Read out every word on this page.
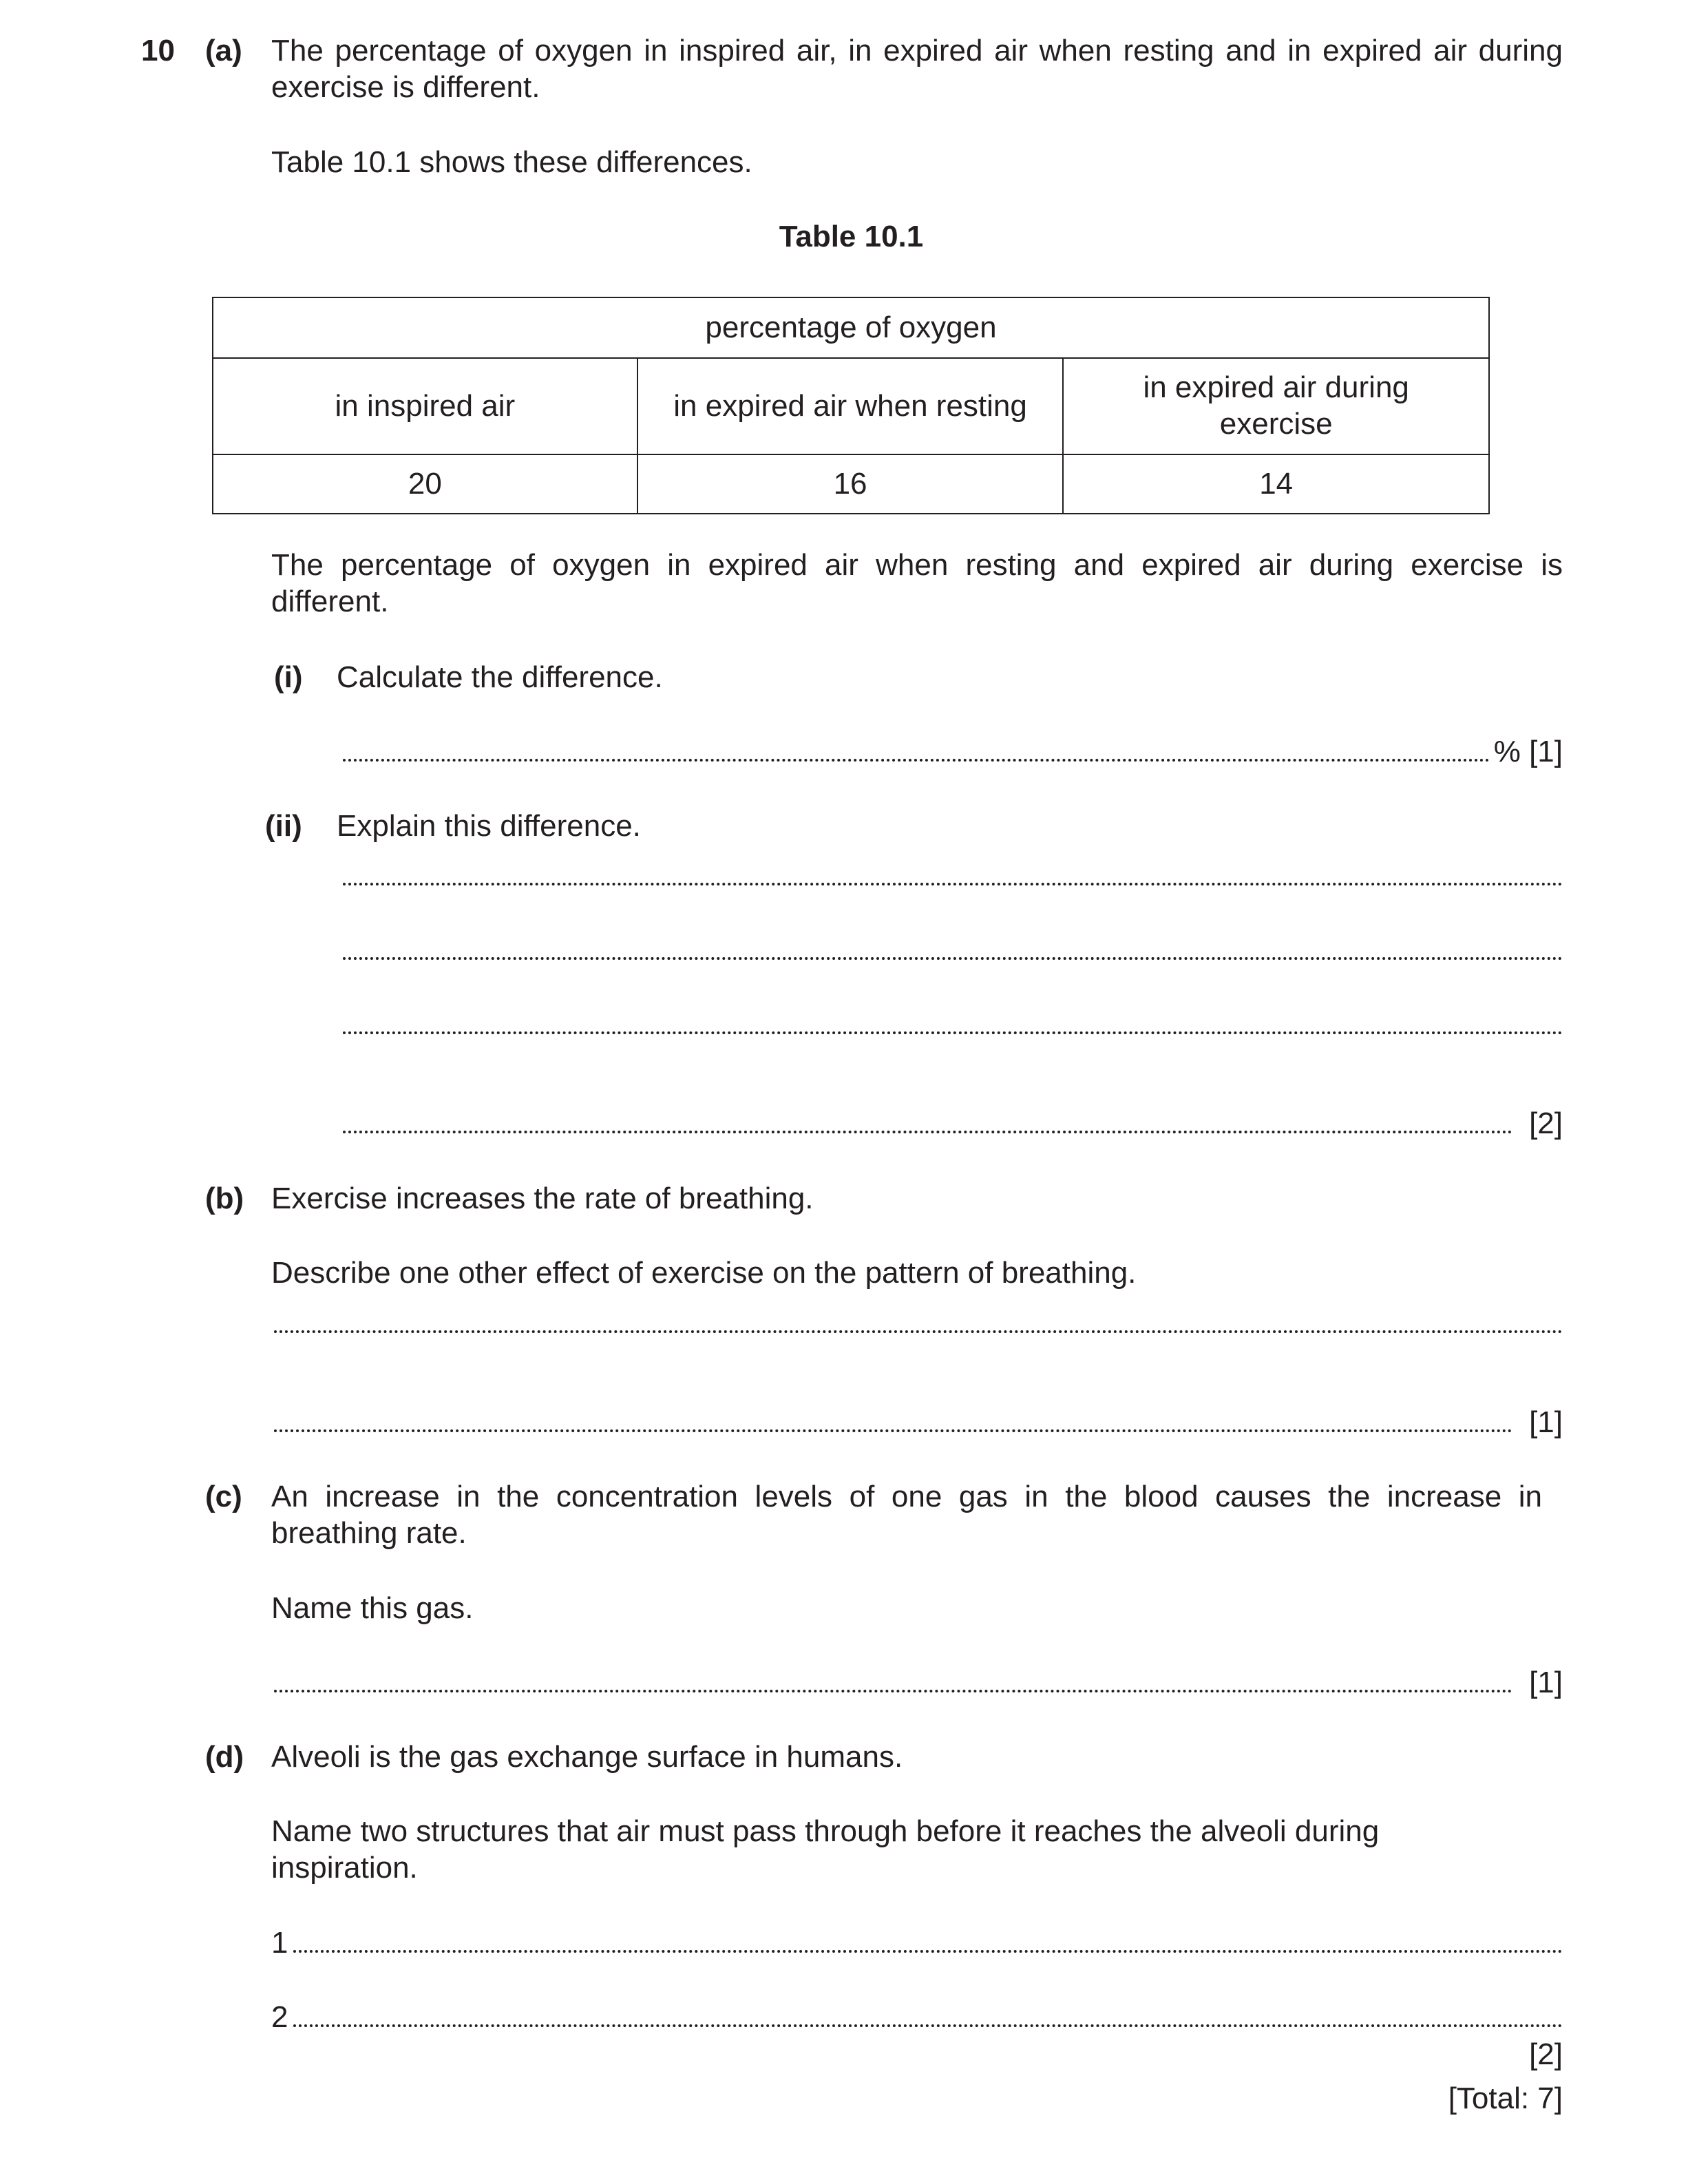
10 (a) The percentage of oxygen in inspired air, in expired air when resting and in expired air during exercise is different.
Table 10.1 shows these differences.
Table 10.1
percentage of oxygen		
in inspired air	in expired air when resting	in expired air during exercise

20	16	14
The percentage of oxygen in expired air when resting and expired air during exercise is different.
(i) Calculate the difference.
% [1]
(ii) Explain this difference.
[2]
(b) Exercise increases the rate of breathing.
Describe one other effect of exercise on the pattern of breathing.
[1]
(c) An increase in the concentration levels of one gas in the blood causes the increase in breathing rate.
Name this gas.
[1]
(d) Alveoli is the gas exchange surface in humans.
Name two structures that air must pass through before it reaches the alveoli during inspiration.
1
2
[2]
[Total: 7]
